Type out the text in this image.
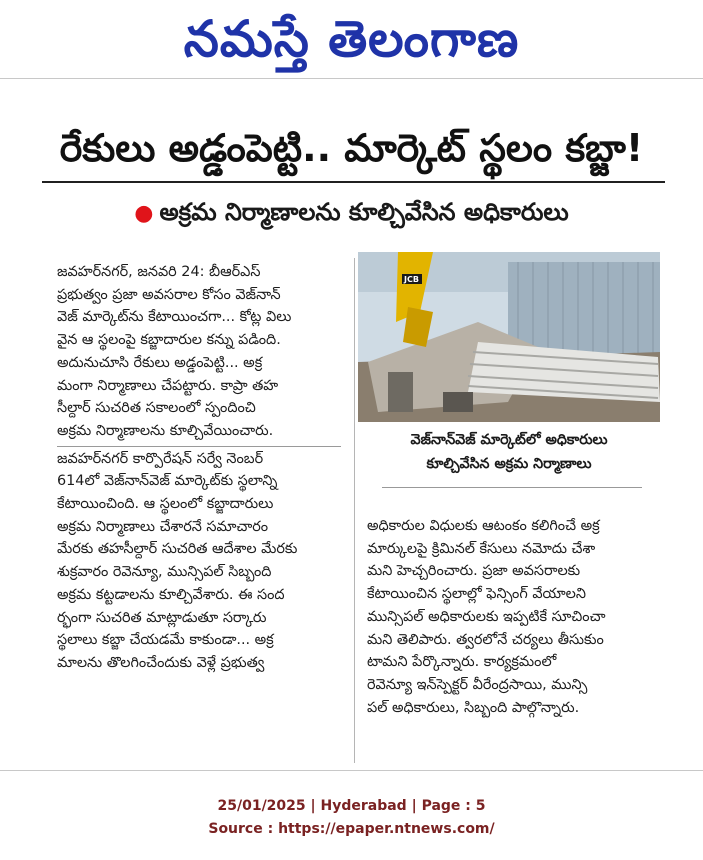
నమస్తే తెలంగాణ
రేకులు అడ్డంపెట్టి.. మార్కెట్ స్థలం కబ్జా!
● అక్రమ నిర్మాణాలను కూల్చివేసిన అధికారులు

జవహర్‌నగర్, జనవరి 24: బీఆర్‌ఎస్

ప్రభుత్వం ప్రజా అవసరాల కోసం వెజ్‌నాన్

వెజ్ మార్కెట్‌ను కేటాయించగా... కోట్ల విలు

వైన ఆ స్థలంపై కబ్జాదారుల కన్ను పడింది.

అదునుచూసి రేకులు అడ్డంపెట్టి... అక్ర

మంగా నిర్మాణాలు చేపట్టారు. కాప్రా తహ

సీల్దార్ సుచరిత సకాలంలో స్పందించి

అక్రమ నిర్మాణాలను కూల్చివేయించారు.

జవహర్‌నగర్ కార్పొరేషన్ సర్వే నెంబర్

614లో వెజ్‌నాన్‌వెజ్ మార్కెట్‌కు స్థలాన్ని

కేటాయించింది. ఆ స్థలంలో కబ్జాదారులు

అక్రమ నిర్మాణాలు చేశారనే సమాచారం

మేరకు తహసీల్దార్ సుచరిత ఆదేశాల మేరకు

శుక్రవారం రెవెన్యూ, మున్సిపల్ సిబ్బంది

అక్రమ కట్టడాలను కూల్చివేశారు. ఈ సంద

ర్భంగా సుచరిత మాట్లాడుతూ సర్కారు

స్థలాలు కబ్జా చేయడమే కాకుండా... అక్ర

మాలను తొలగించేందుకు వెళ్లే ప్రభుత్వ

JCB

వెజ్‌నాన్‌వెజ్ మార్కెట్‌లో అధికారులు

కూల్చివేసిన అక్రమ నిర్మాణాలు

అధికారుల విధులకు ఆటంకం కలిగించే అక్ర

మార్కులపై క్రిమినల్ కేసులు నమోదు చేశా

మని హెచ్చరించారు. ప్రజా అవసరాలకు

కేటాయించిన స్థలాల్లో ఫెన్సింగ్ వేయాలని

మున్సిపల్ అధికారులకు ఇప్పటికే సూచించా

మని తెలిపారు. త్వరలోనే చర్యలు తీసుకుం

టామని పేర్కొన్నారు. కార్యక్రమంలో

రెవెన్యూ ఇన్‌స్పెక్టర్ వీరేంద్రసాయి, మున్సి

పల్ అధికారులు, సిబ్బంది పాల్గొన్నారు.

25/01/2025 | Hyderabad | Page : 5
Source : https://epaper.ntnews.com/
